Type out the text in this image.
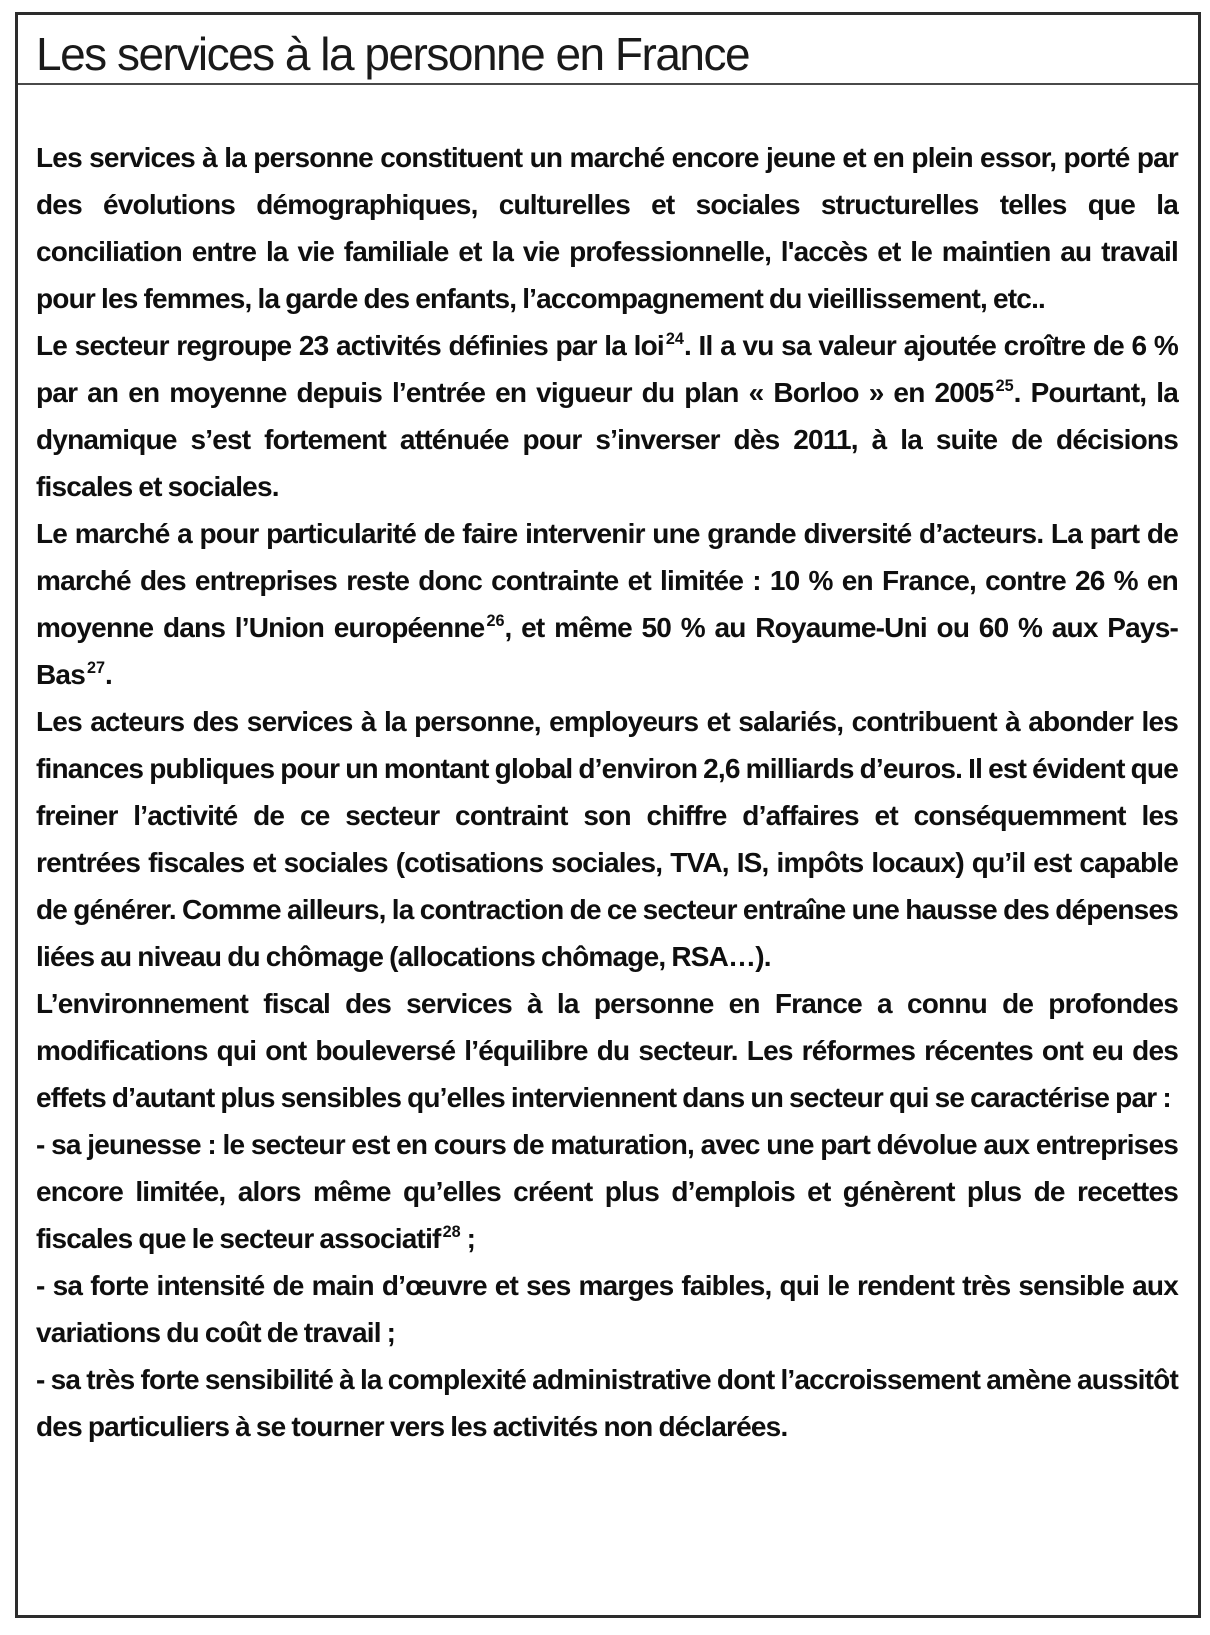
Les services à la personne en France

Les services à la personne constituent un marché encore jeune et en plein essor, porté par des évolutions démographiques, culturelles et sociales structurelles telles que la conciliation entre la vie familiale et la vie professionnelle, l'accès et le maintien au travail pour les femmes, la garde des enfants, l’accompagnement du vieillissement, etc..

Le secteur regroupe 23 activités définies par la loi $^{24}$. Il a vu sa valeur ajoutée croître de 6 % par an en moyenne depuis l’entrée en vigueur du plan « Borloo » en 2005 $^{25}$. Pourtant, la dynamique s’est fortement atténuée pour s’inverser dès 2011, à la suite de décisions fiscales et sociales.

Le marché a pour particularité de faire intervenir une grande diversité d’acteurs. La part de marché des entreprises reste donc contrainte et limitée : 10 % en France, contre 26 % en moyenne dans l’Union européenne $^{26}$, et même 50 % au Royaume-Uni ou 60 % aux Pays-Bas $^{27}$.

Les acteurs des services à la personne, employeurs et salariés, contribuent à abonder les finances publiques pour un montant global d’environ 2,6 milliards d’euros. Il est évident que freiner l’activité de ce secteur contraint son chiffre d’affaires et conséquemment les rentrées fiscales et sociales (cotisations sociales, TVA, IS, impôts locaux) qu’il est capable de générer. Comme ailleurs, la contraction de ce secteur entraîne une hausse des dépenses liées au niveau du chômage (allocations chômage, RSA…).

L’environnement fiscal des services à la personne en France a connu de profondes modifications qui ont bouleversé l’équilibre du secteur. Les réformes récentes ont eu des effets d’autant plus sensibles qu’elles interviennent dans un secteur qui se caractérise par :

- sa jeunesse : le secteur est en cours de maturation, avec une part dévolue aux entreprises encore limitée, alors même qu’elles créent plus d’emplois et génèrent plus de recettes fiscales que le secteur associatif $^{28}$ ;

- sa forte intensité de main d’œuvre et ses marges faibles, qui le rendent très sensible aux variations du coût de travail ;

- sa très forte sensibilité à la complexité administrative dont l’accroissement amène aussitôt des particuliers à se tourner vers les activités non déclarées.
